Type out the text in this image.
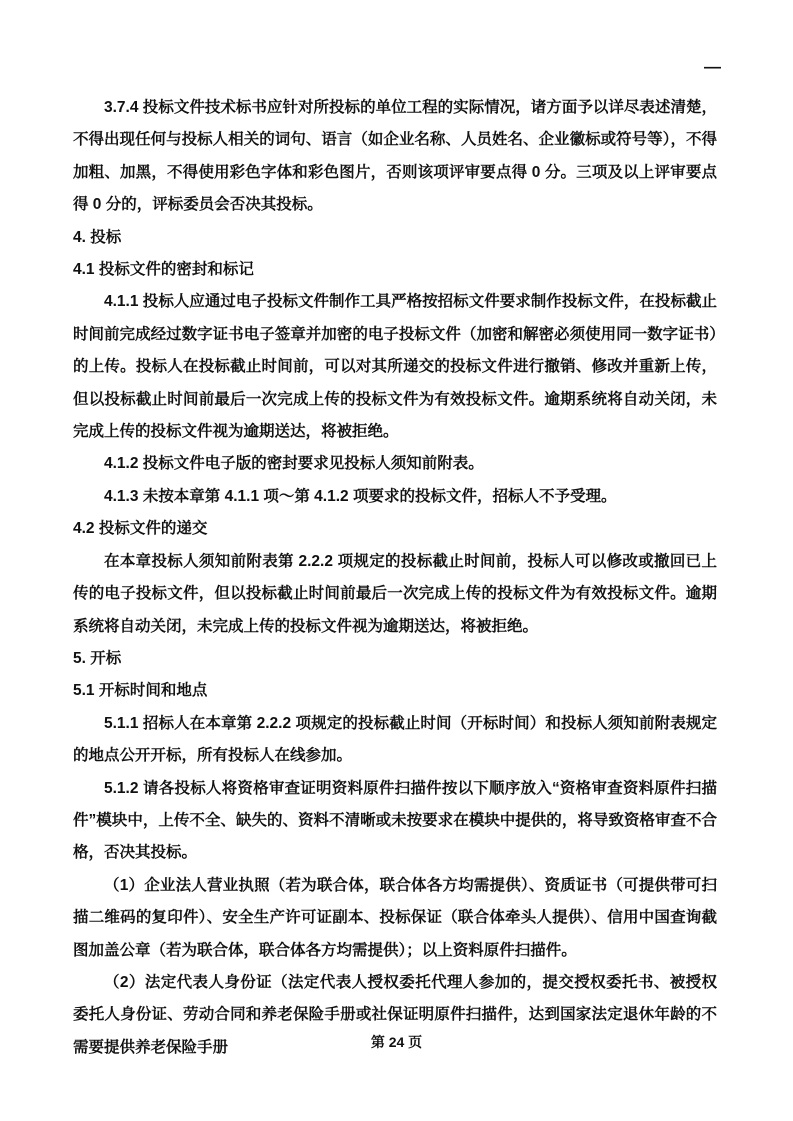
—

3.7.4 投标文件技术标书应针对所投标的单位工程的实际情况，诸方面予以详尽表述清楚，不得出现任何与投标人相关的词句、语言（如企业名称、人员姓名、企业徽标或符号等），不得加粗、加黑，不得使用彩色字体和彩色图片，否则该项评审要点得 0 分。三项及以上评审要点得 0 分的，评标委员会否决其投标。

4. 投标
4.1 投标文件的密封和标记

4.1.1 投标人应通过电子投标文件制作工具严格按招标文件要求制作投标文件，在投标截止时间前完成经过数字证书电子签章并加密的电子投标文件（加密和解密必须使用同一数字证书）的上传。投标人在投标截止时间前，可以对其所递交的投标文件进行撤销、修改并重新上传，但以投标截止时间前最后一次完成上传的投标文件为有效投标文件。逾期系统将自动关闭，未完成上传的投标文件视为逾期送达，将被拒绝。

4.1.2 投标文件电子版的密封要求见投标人须知前附表。

4.1.3 未按本章第 4.1.1 项～第 4.1.2 项要求的投标文件，招标人不予受理。

4.2 投标文件的递交

在本章投标人须知前附表第 2.2.2 项规定的投标截止时间前，投标人可以修改或撤回已上传的电子投标文件，但以投标截止时间前最后一次完成上传的投标文件为有效投标文件。逾期系统将自动关闭，未完成上传的投标文件视为逾期送达，将被拒绝。

5. 开标
5.1 开标时间和地点

5.1.1 招标人在本章第 2.2.2 项规定的投标截止时间（开标时间）和投标人须知前附表规定的地点公开开标，所有投标人在线参加。

5.1.2 请各投标人将资格审查证明资料原件扫描件按以下顺序放入“资格审查资料原件扫描件”模块中，上传不全、缺失的、资料不清晰或未按要求在模块中提供的，将导致资格审查不合格，否决其投标。

（1）企业法人营业执照（若为联合体，联合体各方均需提供）、资质证书（可提供带可扫描二维码的复印件）、安全生产许可证副本、投标保证（联合体牵头人提供）、信用中国查询截图加盖公章（若为联合体，联合体各方均需提供）；以上资料原件扫描件。

（2）法定代表人身份证（法定代表人授权委托代理人参加的，提交授权委托书、被授权委托人身份证、劳动合同和养老保险手册或社保证明原件扫描件，达到国家法定退休年龄的不需要提供养老保险手册	第 24 页
